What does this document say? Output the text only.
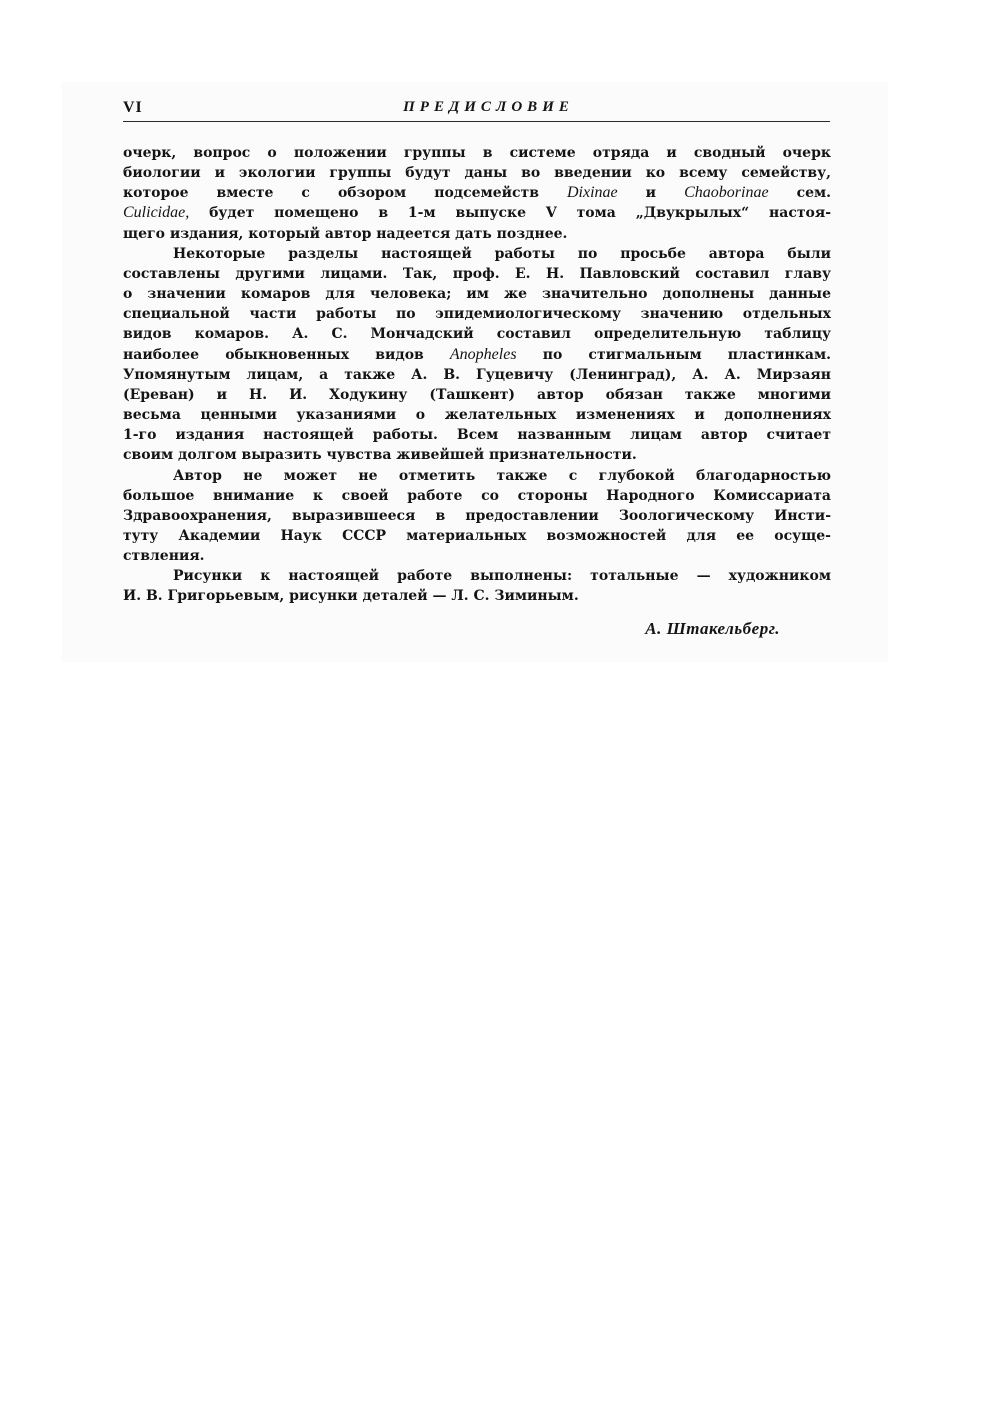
VI	ПРЕДИСЛОВИЕ

очерк, вопрос о положении группы в системе отряда и сводный очерк

биологии и экологии группы будут даны во введении ко всему семейству,

которое вместе с обзором подсемейств Dixinae и Chaoborinae сем.

Culicidae, будет помещено в 1-м выпуске V тома „Двукрылых“ настоя-

щего издания, который автор надеется дать позднее.

Некоторые разделы настоящей работы по просьбе автора были

составлены другими лицами. Так, проф. Е. Н. Павловский составил главу

о значении комаров для человека; им же значительно дополнены данные

специальной части работы по эпидемиологическому значению отдельных

видов комаров. А. С. Мончадский составил определительную таблицу

наиболее обыкновенных видов Anopheles по стигмальным пластинкам.

Упомянутым лицам, а также А. В. Гуцевичу (Ленинград), А. А. Мирзаян

(Ереван) и Н. И. Ходукину (Ташкент) автор обязан также многими

весьма ценными указаниями о желательных изменениях и дополнениях

1-го издания настоящей работы. Всем названным лицам автор считает

своим долгом выразить чувства живейшей признательности.

Автор не может не отметить также с глубокой благодарностью

большое внимание к своей работе со стороны Народного Комиссариата

Здравоохранения, выразившееся в предоставлении Зоологическому Инсти-

туту Академии Наук СССР материальных возможностей для ее осуще-

ствления.

Рисунки к настоящей работе выполнены: тотальные — художником

И. В. Григорьевым, рисунки деталей — Л. С. Зиминым.

А. Штакельберг.
